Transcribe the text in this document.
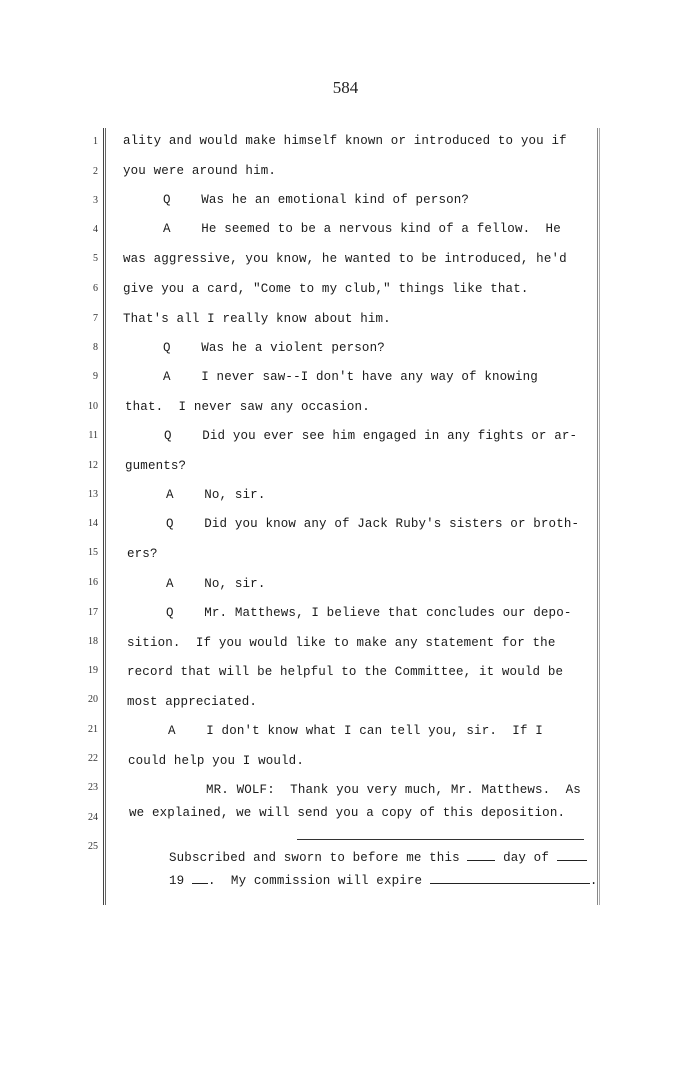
584
1
2
3
4
5
6
7
8
9
10
11
12
13
14
15
16
17
18
19
20
21
22
23
24
25
ality and would make himself known or introduced to you if
you were around him.
Q    Was he an emotional kind of person?
A    He seemed to be a nervous kind of a fellow.  He
was aggressive, you know, he wanted to be introduced, he'd
give you a card, "Come to my club," things like that.
That's all I really know about him.
Q    Was he a violent person?
A    I never saw--I don't have any way of knowing
that.  I never saw any occasion.
Q    Did you ever see him engaged in any fights or ar-
guments?
A    No, sir.
Q    Did you know any of Jack Ruby's sisters or broth-
ers?
A    No, sir.
Q    Mr. Matthews, I believe that concludes our depo-
sition.  If you would like to make any statement for the
record that will be helpful to the Committee, it would be
most appreciated.
A    I don't know what I can tell you, sir.  If I
could help you I would.
MR. WOLF:  Thank you very much, Mr. Matthews.  As
we explained, we will send you a copy of this deposition.
Subscribed and sworn to before me this	day of
19 .  My commission will expire	.
